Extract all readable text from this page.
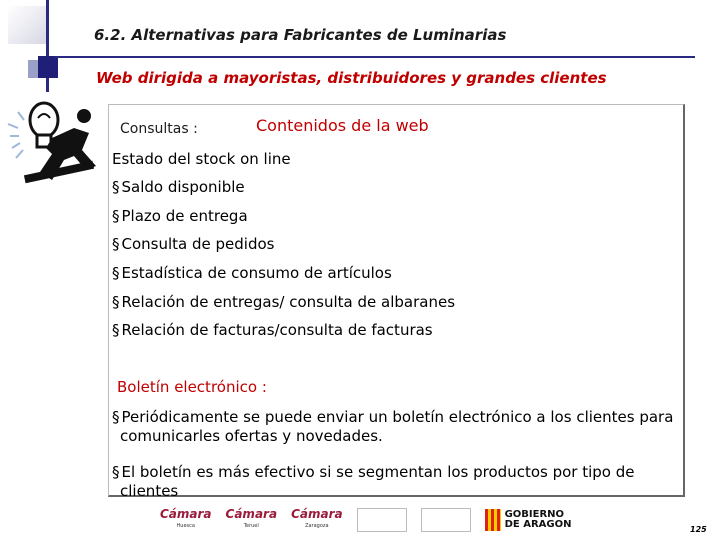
6.2. Alternativas para Fabricantes de Luminarias
Web dirigida a mayoristas, distribuidores y grandes clientes
Consultas :	Contenidos de la web
Estado del stock on line
§ Saldo disponible
§ Plazo de entrega
§ Consulta de pedidos
§ Estadística de consumo de artículos
§ Relación de entregas/ consulta de albaranes
§ Relación de facturas/consulta de facturas
Boletín electrónico :
§ Periódicamente se puede enviar un boletín electrónico a los clientes para comunicarles ofertas y novedades.
§ El boletín es más efectivo si se segmentan los productos por tipo de clientes
Cámara
Huesca
Cámara
Teruel
Cámara
Zaragoza
GOBIERNO
DE ARAGON	125
